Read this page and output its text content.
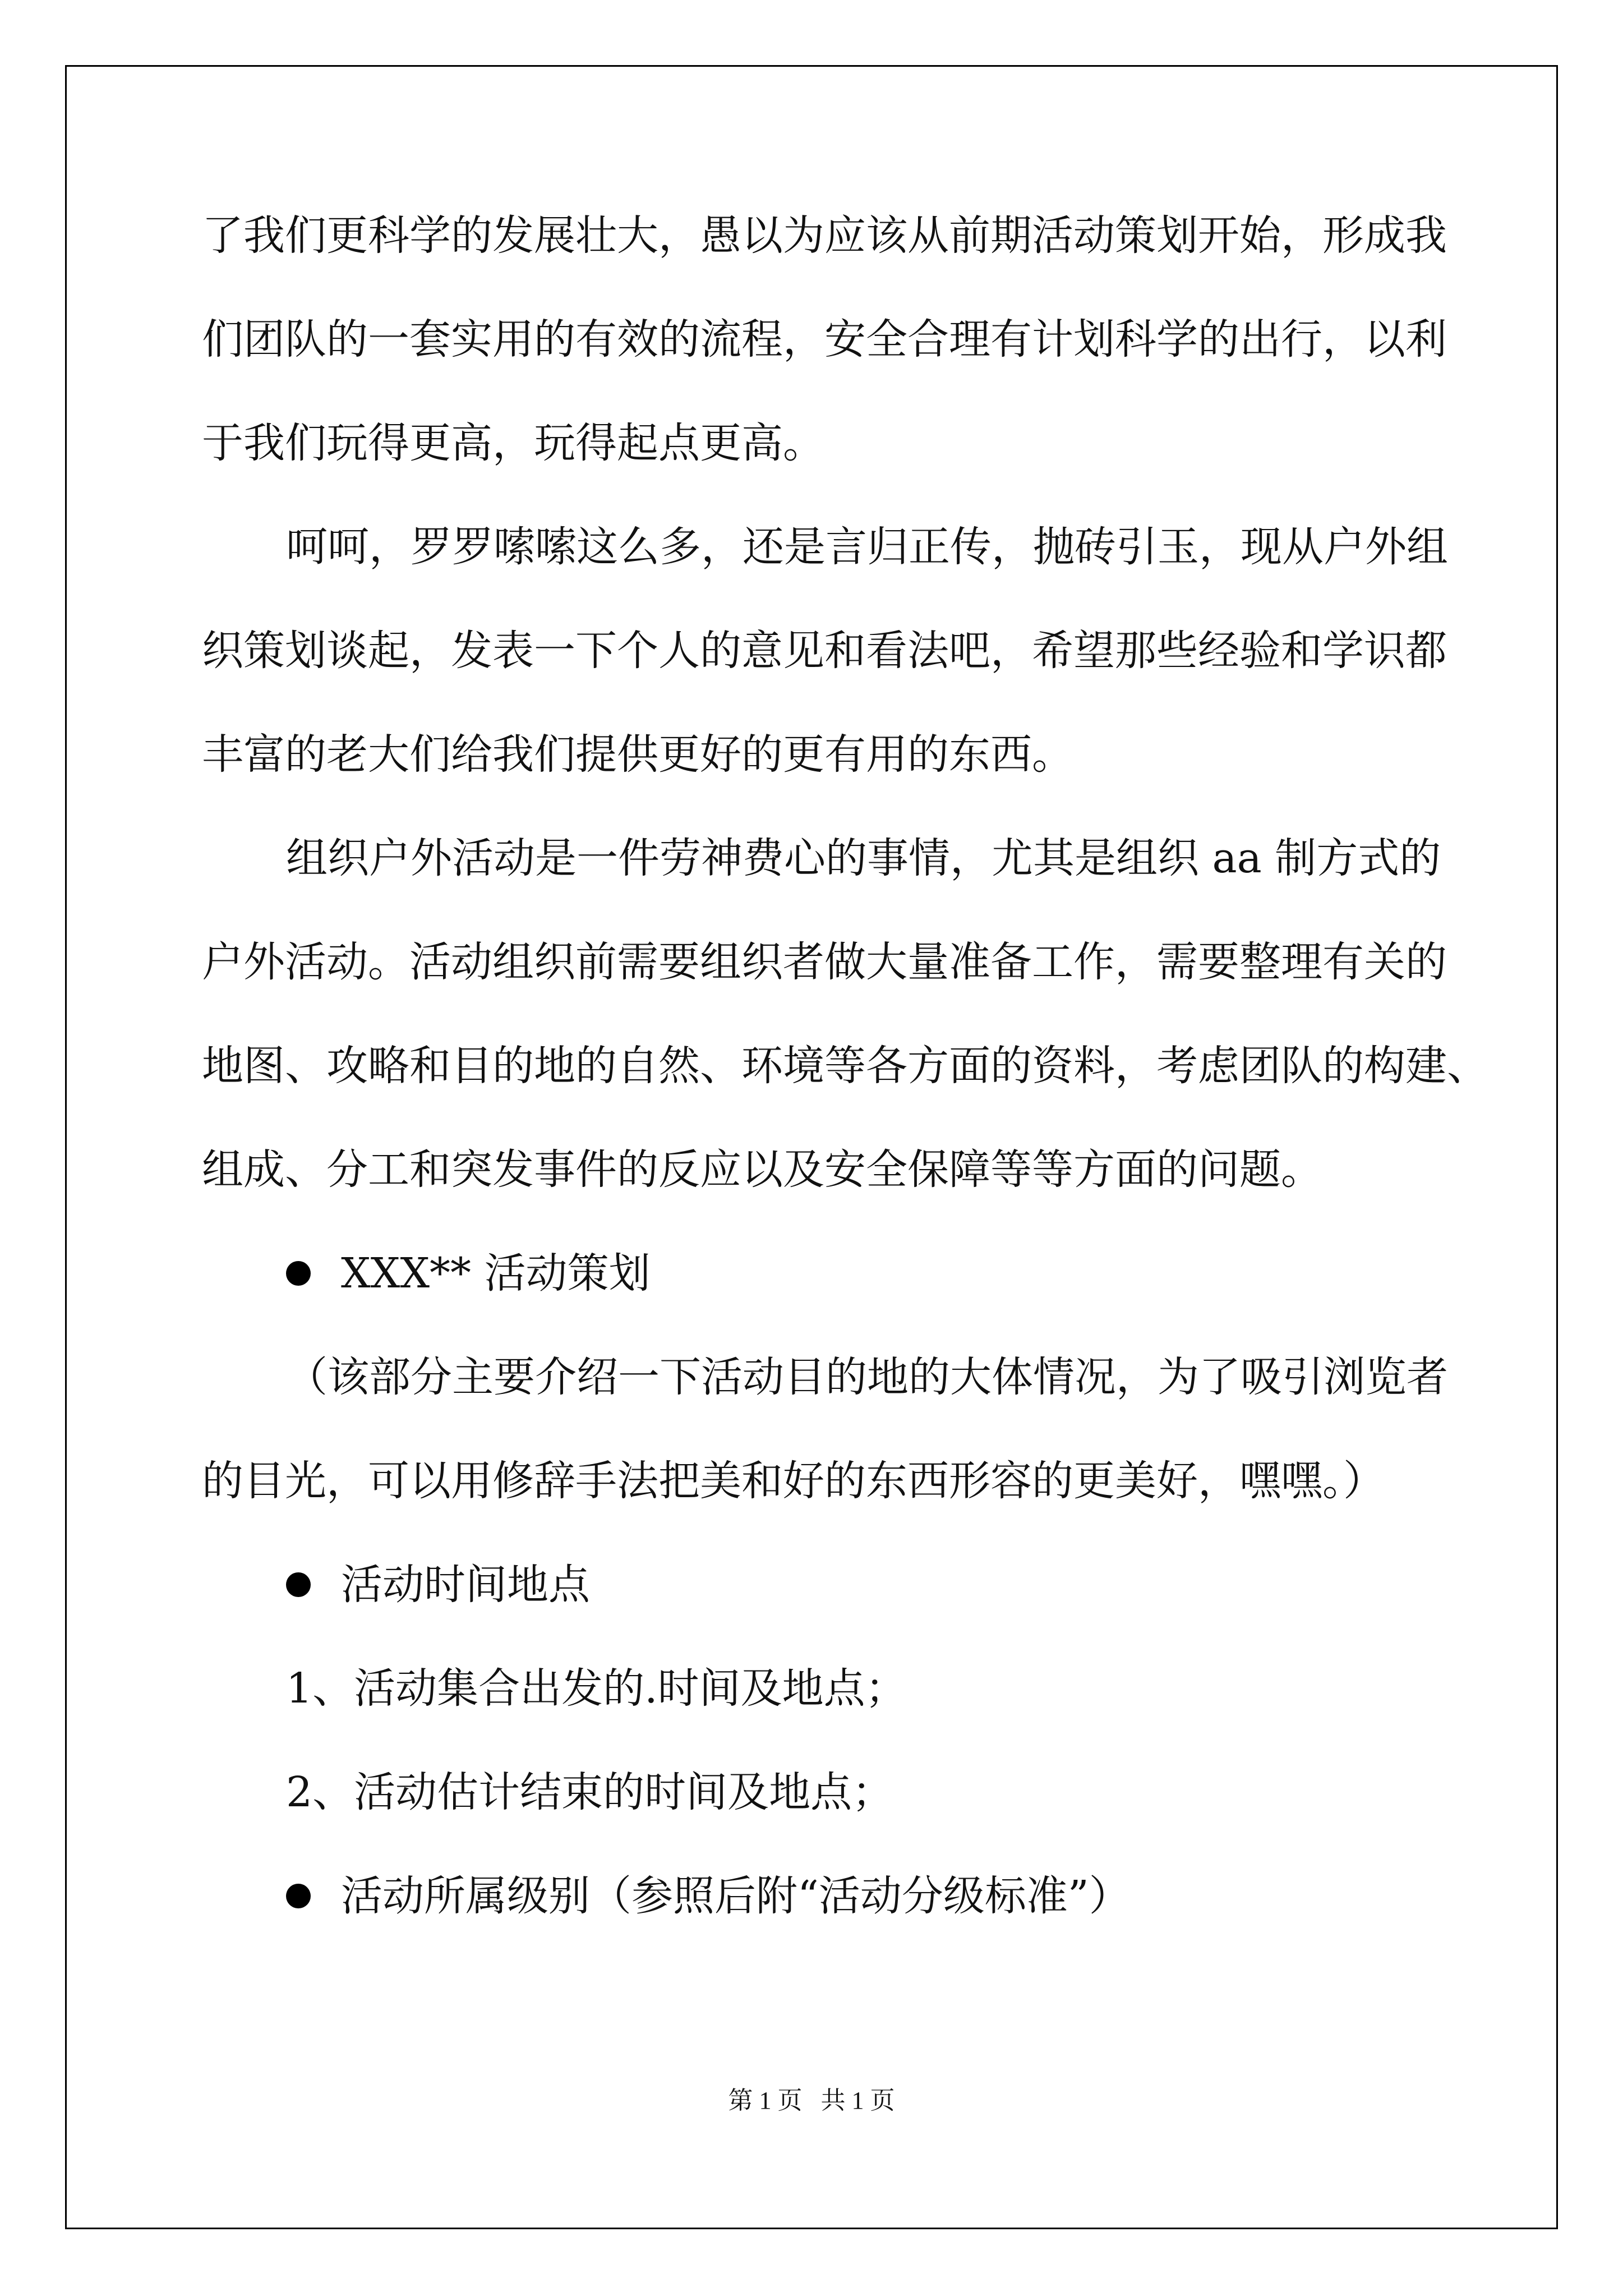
了我们更科学的发展壮大，愚以为应该从前期活动策划开始，形成我
们团队的一套实用的有效的流程，安全合理有计划科学的出行，以利
于我们玩得更高，玩得起点更高。
呵呵，罗罗嗦嗦这么多，还是言归正传，抛砖引玉，现从户外组
织策划谈起，发表一下个人的意见和看法吧，希望那些经验和学识都
丰富的老大们给我们提供更好的更有用的东西。
组织户外活动是一件劳神费心的事情，尤其是组织 aa 制方式的
户外活动。活动组织前需要组织者做大量准备工作，需要整理有关的
地图、攻略和目的地的自然、环境等各方面的资料，考虑团队的构建、
组成、分工和突发事件的反应以及安全保障等等方面的问题。
XXX** 活动策划
（该部分主要介绍一下活动目的地的大体情况，为了吸引浏览者
的目光，可以用修辞手法把美和好的东西形容的更美好，嘿嘿。）
活动时间地点
1、活动集合出发的.时间及地点；
2、活动估计结束的时间及地点；
活动所属级别（参照后附“活动分级标准”）
第 1 页   共 1 页
